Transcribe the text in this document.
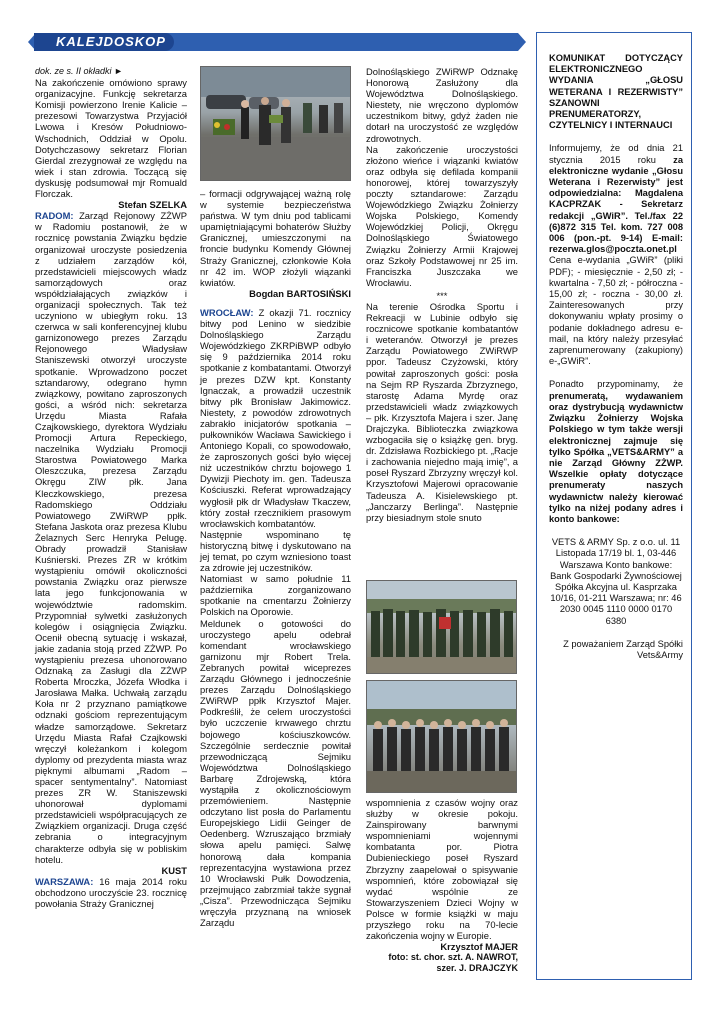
KALEJDOSKOP

dok. ze s. II okładki ►

Na zakończenie omówiono sprawy organizacyjne. Funkcję sekretarza Komisji powierzono Irenie Kalicie – prezesowi Towarzystwa Przyjaciół Lwowa i Kresów Południowo-Wschodnich, Oddział w Opolu. Dotychczasowy sekretarz Florian Gierdal zrezygnował ze względu na wiek i stan zdrowia. Toczącą się dyskusję podsumował mjr Romuald Florczak.

Stefan SZELKA

RADOM: Zarząd Rejonowy ZŻWP w Radomiu postanowił, że w rocznicę powstania Związku będzie organizował uroczyste posiedzenia z udziałem zarządów kół, przedstawicieli miejscowych władz samorządowych oraz współdziałających związków i organizacji społecznych. Tak też uczyniono w ubiegłym roku. 13 czerwca w sali konferencyjnej klubu garnizonowego prezes Zarządu Rejonowego Władysław Staniszewski otworzył uroczyste spotkanie. Wprowadzono poczet sztandarowy, odegrano hymn związkowy, powitano zaproszonych gości, a wśród nich: sekretarza Urzędu Miasta Rafała Czajkowskiego, dyrektora Wydziału Promocji Artura Repeckiego, naczelnika Wydziału Promocji Starostwa Powiatowego Marka Oleszczuka, prezesa Zarządu Okręgu ZIW płk. Jana Kleczkowskiego, prezesa Radomskiego Oddziału Powiatowego ZWiRWP ppłk. Stefana Jaskota oraz prezesa Klubu Żelaznych Serc Henryka Pelugę. Obrady prowadził Stanisław Kuśnierski. Prezes ZR w krótkim wystąpieniu omówił okoliczności powstania Związku oraz pierwsze lata jego funkcjonowania w województwie radomskim. Przypomniał sylwetki zasłużonych kolegów i osiągnięcia Związku. Ocenił obecną sytuację i wskazał, jakie zadania stoją przed ZŻWP. Po wystąpieniu prezesa uhonorowano Odznaką za Zasługi dla ZŻWP Roberta Mroczka, Józefa Włodka i Jarosława Małka. Uchwałą zarządu Koła nr 2 przyznano pamiątkowe odznaki gościom reprezentującym władze samorządowe. Sekretarz Urzędu Miasta Rafał Czajkowski wręczył koleżankom i kolegom dyplomy od prezydenta miasta wraz pięknymi albumami „Radom – spacer sentymentalny”. Natomiast prezes ZR W. Staniszewski uhonorował dyplomami przedstawicieli współpracujących ze Związkiem organizacji. Druga część zebrania o integracyjnym charakterze odbyła się w pobliskim hotelu.

KUST

WARSZAWA: 16 maja 2014 roku obchodzono uroczyście 23. rocznicę powołania Straży Granicznej

– formacji odgrywającej ważną rolę w systemie bezpieczeństwa państwa. W tym dniu pod tablicami upamiętniającymi bohaterów Służby Granicznej, umieszczonymi na froncie budynku Komendy Głównej Straży Granicznej, członkowie Koła nr 42 im. WOP złożyli wiązanki kwiatów.

Bogdan BARTOSIŃSKI

WROCŁAW: Z okazji 71. rocznicy bitwy pod Lenino w siedzibie Dolnośląskiego Zarządu Wojewódzkiego ZKRPiBWP odbyło się 9 października 2014 roku spotkanie z kombatantami. Otworzył je prezes DZW kpt. Konstanty Ignaczak, a prowadził uczestnik bitwy płk Bronisław Jakimowicz. Niestety, z powodów zdrowotnych zabrakło inicjatorów spotkania – pułkowników Wacława Sawickiego i Antoniego Kopali, co spowodowało, że zaproszonych gości było więcej niż uczestników chrztu bojowego 1 Dywizji Piechoty im. gen. Tadeusza Kościuszki. Referat wprowadzający wygłosił płk dr Władysław Tkaczew, który został rzecznikiem prasowym wrocławskich kombatantów.

Następnie wspominano tę historyczną bitwę i dyskutowano na jej temat, po czym wzniesiono toast za zdrowie jej uczestników.

Natomiast w samo południe 11 października zorganizowano spotkanie na cmentarzu Żołnierzy Polskich na Oporowie.

Meldunek o gotowości do uroczystego apelu odebrał komendant wrocławskiego garnizonu mjr Robert Trela. Zebranych powitał wiceprezes Zarządu Głównego i jednocześnie prezes Zarządu Dolnośląskiego ZWiRWP ppłk Krzysztof Majer. Podkreślił, że celem uroczystości było uczczenie krwawego chrztu bojowego kościuszkowców. Szczególnie serdecznie powitał przewodniczącą Sejmiku Województwa Dolnośląskiego Barbarę Zdrojewską, która wystąpiła z okolicznościowym przemówieniem. Następnie odczytano list posła do Parlamentu Europejskiego Lidii Geinger de Oedenberg. Wzruszająco brzmiały słowa apelu pamięci. Salwę honorową dała kompania reprezentacyjna wystawiona przez 10 Wrocławski Pułk Dowodzenia, przejmująco zabrzmiał także sygnał „Cisza”. Przewodnicząca Sejmiku wręczyła przyznaną na wniosek Zarządu

Dolnośląskiego ZWiRWP Odznakę Honorową Zasłużony dla Województwa Dolnośląskiego. Niestety, nie wręczono dyplomów uczestnikom bitwy, gdyż żaden nie dotarł na uroczystość ze względów zdrowotnych.

Na zakończenie uroczystości złożono wieńce i wiązanki kwiatów oraz odbyła się defilada kompanii honorowej, której towarzyszyły poczty sztandarowe: Zarządu Wojewódzkiego Związku Żołnierzy Wojska Polskiego, Komendy Wojewódzkiej Policji, Okręgu Dolnośląskiego Światowego Związku Żołnierzy Armii Krajowej oraz Szkoły Podstawowej nr 25 im. Franciszka Juszczaka we Wrocławiu.

***

Na terenie Ośrodka Sportu i Rekreacji w Lubinie odbyło się rocznicowe spotkanie kombatantów i weteranów. Otworzył je prezes Zarządu Powiatowego ZWiRWP ppor. Tadeusz Czyżowski, który powitał zaproszonych gości: posła na Sejm RP Ryszarda Zbrzyznego, starostę Adama Myrdę oraz przedstawicieli władz związkowych – płk. Krzysztofa Majera i szer. Janę Drajczyka. Biblioteczka związkowa wzbogaciła się o książkę gen. bryg. dr. Zdzisława Rozbickiego pt. „Racje i zachowania niejedno mają imię”, a poseł Ryszard Zbrzyzny wręczył kol. Krzysztofowi Majerowi opracowanie Tadeusza A. Kisielewskiego pt. „Janczarzy Berlinga”. Następnie przy biesiadnym stole snuto

wspomnienia z czasów wojny oraz służby w okresie pokoju. Zainspirowany barwnymi wspomnieniami wojennymi kombatanta por. Piotra Dubienieckiego poseł Ryszard Zbrzyzny zaapelował o spisywanie wspomnień, które zobowiązał się wydać wspólnie ze Stowarzyszeniem Dzieci Wojny w Polsce w formie książki w maju przyszłego roku na 70-lecie zakończenia wojny w Europie.

Krzysztof MAJER

foto: st. chor. szt. A. NAWROT, szer. J. DRAJCZYK

KOMUNIKAT DOTYCZĄCY ELEKTRONICZNEGO WYDANIA „GŁOSU WETERANA I REZERWISTY” SZANOWNI PRENUMERATORZY, CZYTELNICY I INTERNAUCI

Informujemy, że od dnia 21 stycznia 2015 roku za elektroniczne wydanie „Głosu Weterana i Rezerwisty” jest odpowiedzialna: Magdalena KACPRZAK - Sekretarz redakcji „GWiR”. Tel./fax 22 (6)872 315 Tel. kom. 727 008 006 (pon.-pt. 9-14) E-mail: rezerwa.glos@poczta.onet.pl Cena e-wydania „GWiR” (pliki PDF); - miesięcznie - 2,50 zł; - kwartalna - 7,50 zł; - półroczna - 15,00 zł; - roczna - 30,00 zł. Zainteresowanych przy dokonywaniu wpłaty prosimy o podanie dokładnego adresu e-mail, na który należy przesyłać zaprenumerowany (zakupiony) e-„GWiR”.

Ponadto przypominamy, że prenumeratą, wydawaniem oraz dystrybucją wydawnictw Związku Żołnierzy Wojska Polskiego w tym także wersji elektronicznej zajmuje się tylko Spółka „VETS&ARMY” a nie Zarząd Główny ZŻWP. Wszelkie opłaty dotyczące prenumeraty naszych wydawnictw należy kierować tylko na niżej podany adres i konto bankowe:

VETS & ARMY Sp. z o.o. ul. 11 Listopada 17/19 bl. 1, 03-446 Warszawa Konto bankowe: Bank Gospodarki Żywnościowej Spółka Akcyjna ul. Kasprzaka 10/16, 01-211 Warszawa; nr: 46 2030 0045 1110 0000 0170 6380

Z poważaniem Zarząd Spółki Vets&Army
